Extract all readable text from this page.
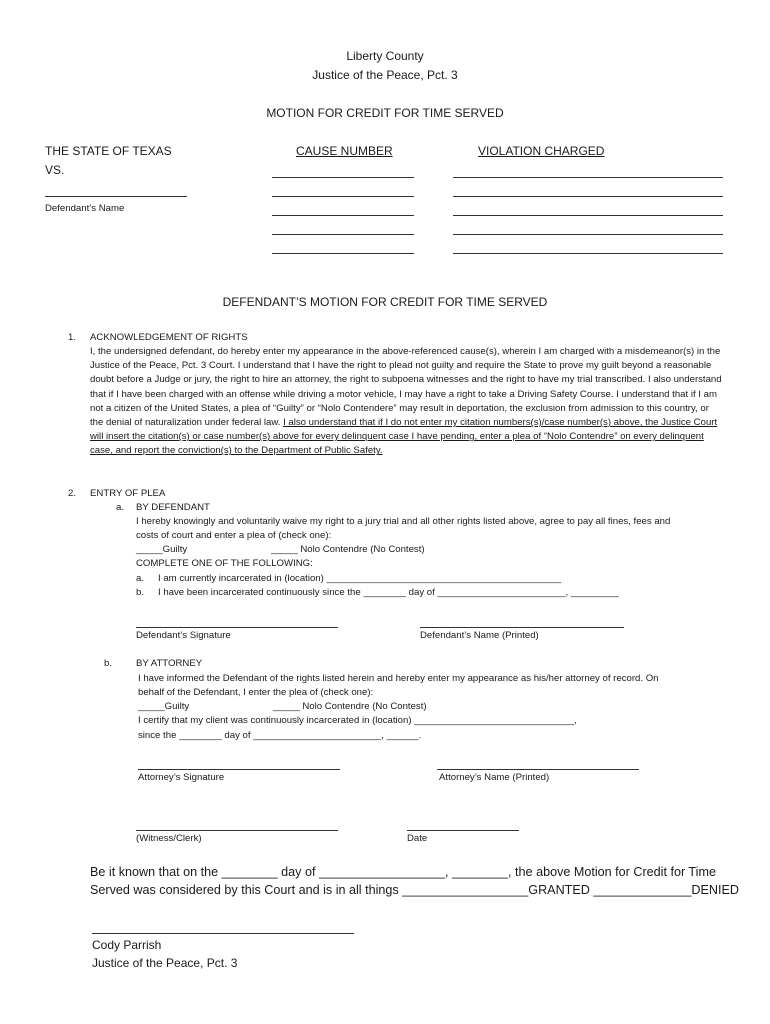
Liberty County
Justice of the Peace, Pct. 3
MOTION FOR CREDIT FOR TIME SERVED
THE STATE OF TEXAS
VS.
Defendant’s Name
CAUSE NUMBER	VIOLATION CHARGED
DEFENDANT’S MOTION FOR CREDIT FOR TIME SERVED
1. ACKNOWLEDGEMENT OF RIGHTS
I, the undersigned defendant, do hereby enter my appearance in the above-referenced cause(s), wherein I am charged with a misdemeanor(s) in the Justice of the Peace, Pct. 3 Court. I understand that I have the right to plead not guilty and require the State to prove my guilt beyond a reasonable doubt before a Judge or jury, the right to hire an attorney, the right to subpoena witnesses and the right to have my trial transcribed. I also understand that if I have been charged with an offense while driving a motor vehicle, I may have a right to take a Driving Safety Course. I understand that if I am not a citizen of the United States, a plea of “Guilty” or “Nolo Contendere” may result in deportation, the exclusion from admission to this country, or the denial of naturalization under federal law. I also understand that if I do not enter my citation numbers(s)/case number(s) above, the Justice Court will insert the citation(s) or case number(s) above for every delinquent case I have pending, enter a plea of “Nolo Contendre” on every delinquent case, and report the conviction(s) to the Department of Public Safety.
2. ENTRY OF PLEA
a. BY DEFENDANT
I hereby knowingly and voluntarily waive my right to a jury trial and all other rights listed above, agree to pay all fines, fees and
costs of court and enter a plea of (check one):
_____Guilty	_____ Nolo Contendre (No Contest)
COMPLETE ONE OF THE FOLLOWING:
a. I am currently incarcerated in (location) ____________________________________________
b. I have been incarcerated continuously since the ________ day of ________________________, _________
Defendant’s Signature	Defendant’s Name (Printed)
b. BY ATTORNEY
I have informed the Defendant of the rights listed herein and hereby enter my appearance as his/her attorney of record. On
behalf of the Defendant, I enter the plea of (check one):
_____Guilty	_____ Nolo Contendre (No Contest)
I certify that my client was continuously incarcerated in (location) ______________________________,
since the ________ day of ________________________, ______.
Attorney’s Signature	Attorney’s Name (Printed)
(Witness/Clerk)	Date
Be it known that on the ________ day of __________________, ________, the above Motion for Credit for Time
Served was considered by this Court and is in all things __________________GRANTED ______________DENIED
Cody Parrish
Justice of the Peace, Pct. 3
